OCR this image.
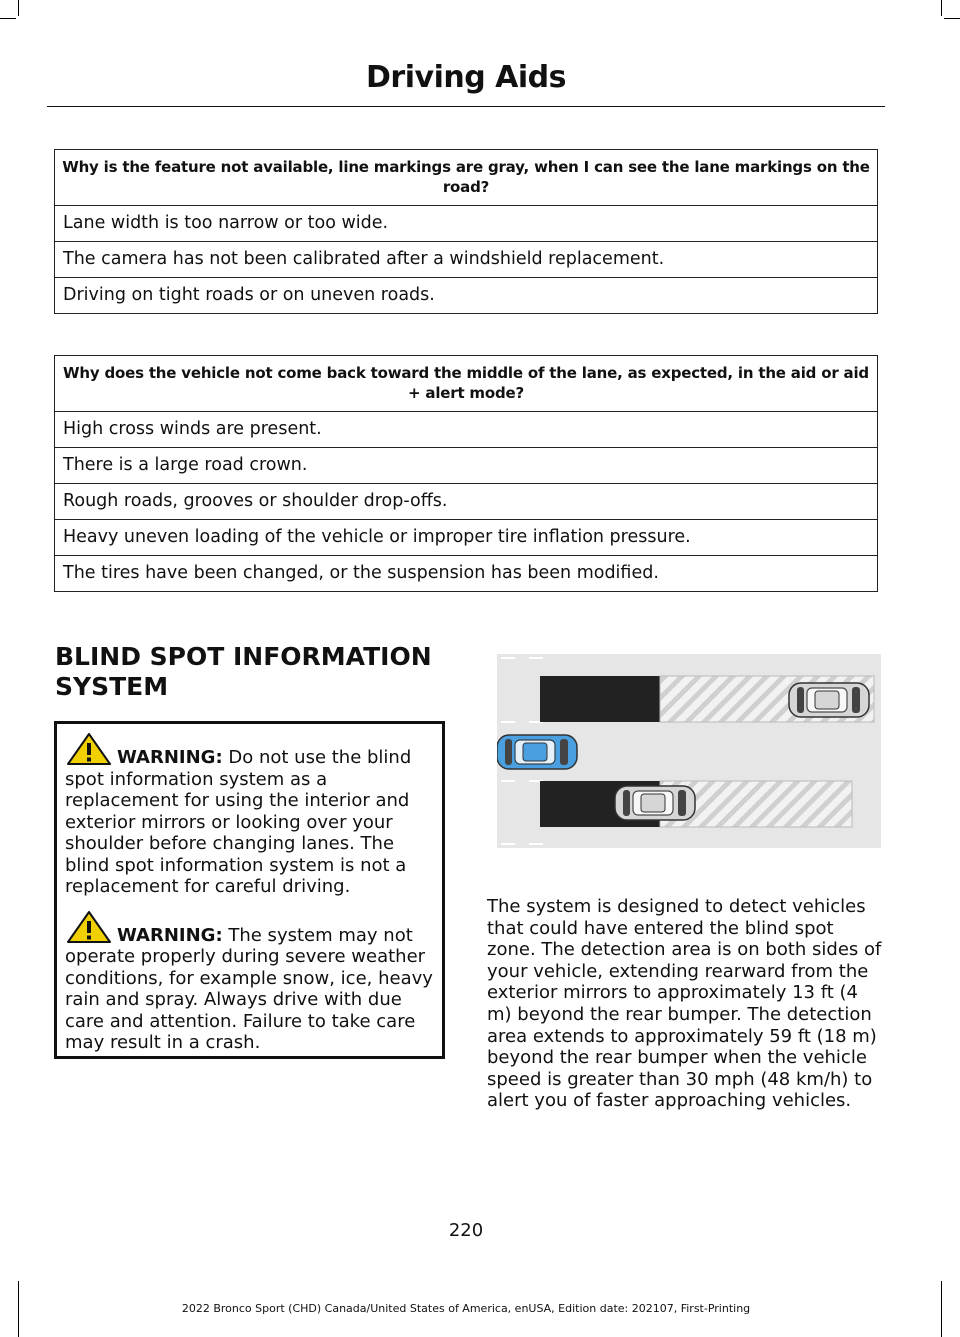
Driving Aids
Why is the feature not available, line markings are gray, when I can see the lane markings on the road?
Lane width is too narrow or too wide.
The camera has not been calibrated after a windshield replacement.
Driving on tight roads or on uneven roads.
Why does the vehicle not come back toward the middle of the lane, as expected, in the aid or aid + alert mode?
High cross winds are present.
There is a large road crown.
Rough roads, grooves or shoulder drop-offs.
Heavy uneven loading of the vehicle or improper tire inflation pressure.
The tires have been changed, or the suspension has been modified.
BLIND SPOT INFORMATION
SYSTEM

WARNING: Do not use the blind spot information system as a replacement for using the interior and exterior mirrors or looking over your shoulder before changing lanes. The blind spot information system is not a replacement for careful driving.

WARNING: The system may not operate properly during severe weather conditions, for example snow, ice, heavy rain and spray. Always drive with due care and attention. Failure to take care may result in a crash.

The system is designed to detect vehicles that could have entered the blind spot zone. The detection area is on both sides of your vehicle, extending rearward from the exterior mirrors to approximately 13 ft (4 m) beyond the rear bumper. The detection area extends to approximately 59 ft (18 m) beyond the rear bumper when the vehicle speed is greater than 30 mph (48 km/h) to alert you of faster approaching vehicles.

220
2022 Bronco Sport (CHD) Canada/United States of America, enUSA, Edition date: 202107, First-Printing
